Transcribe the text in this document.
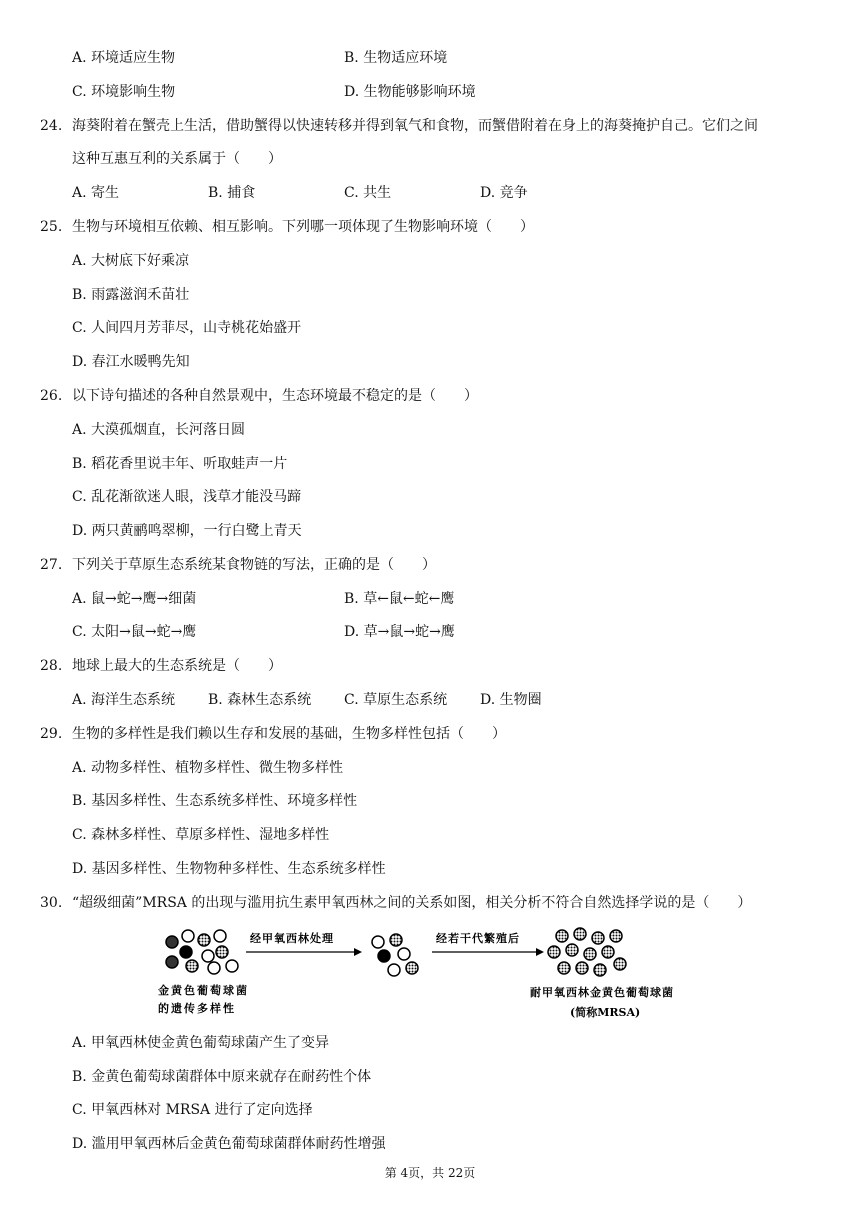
A. 环境适应生物	B. 生物适应环境
C. 环境影响生物	D. 生物能够影响环境
24. 海葵附着在蟹壳上生活，借助蟹得以快速转移并得到氧气和食物，而蟹借附着在身上的海葵掩护自己。它们之间
这种互惠互利的关系属于（　　）
A. 寄生	B. 捕食	C. 共生	D. 竞争
25. 生物与环境相互依赖、相互影响。下列哪一项体现了生物影响环境（　　）
A. 大树底下好乘凉
B. 雨露滋润禾苗壮
C. 人间四月芳菲尽，山寺桃花始盛开
D. 春江水暖鸭先知
26. 以下诗句描述的各种自然景观中，生态环境最不稳定的是（　　）
A. 大漠孤烟直，长河落日圆
B. 稻花香里说丰年、听取蛙声一片
C. 乱花渐欲迷人眼，浅草才能没马蹄
D. 两只黄鹂鸣翠柳，一行白鹭上青天
27. 下列关于草原生态系统某食物链的写法，正确的是（　　）
A. 鼠→蛇→鹰→细菌	B. 草←鼠←蛇←鹰
C. 太阳→鼠→蛇→鹰	D. 草→鼠→蛇→鹰
28. 地球上最大的生态系统是（　　）
A. 海洋生态系统 B. 森林生态系统 C. 草原生态系统 D. 生物圈
29. 生物的多样性是我们赖以生存和发展的基础，生物多样性包括（　　）
A. 动物多样性、植物多样性、微生物多样性
B. 基因多样性、生态系统多样性、环境多样性
C. 森林多样性、草原多样性、湿地多样性
D. 基因多样性、生物物种多样性、生态系统多样性
30. “超级细菌”MRSA 的出现与滥用抗生素甲氧西林之间的关系如图，相关分析不符合自然选择学说的是（　　）
金黄色葡萄球菌
的遗传多样性
经甲氧西林处理	经若干代繁殖后
耐甲氧西林金黄色葡萄球菌
(简称MRSA)
A. 甲氧西林使金黄色葡萄球菌产生了变异
B. 金黄色葡萄球菌群体中原来就存在耐药性个体
C. 甲氧西林对 MRSA 进行了定向选择
D. 滥用甲氧西林后金黄色葡萄球菌群体耐药性增强
第 4页，共 22页
